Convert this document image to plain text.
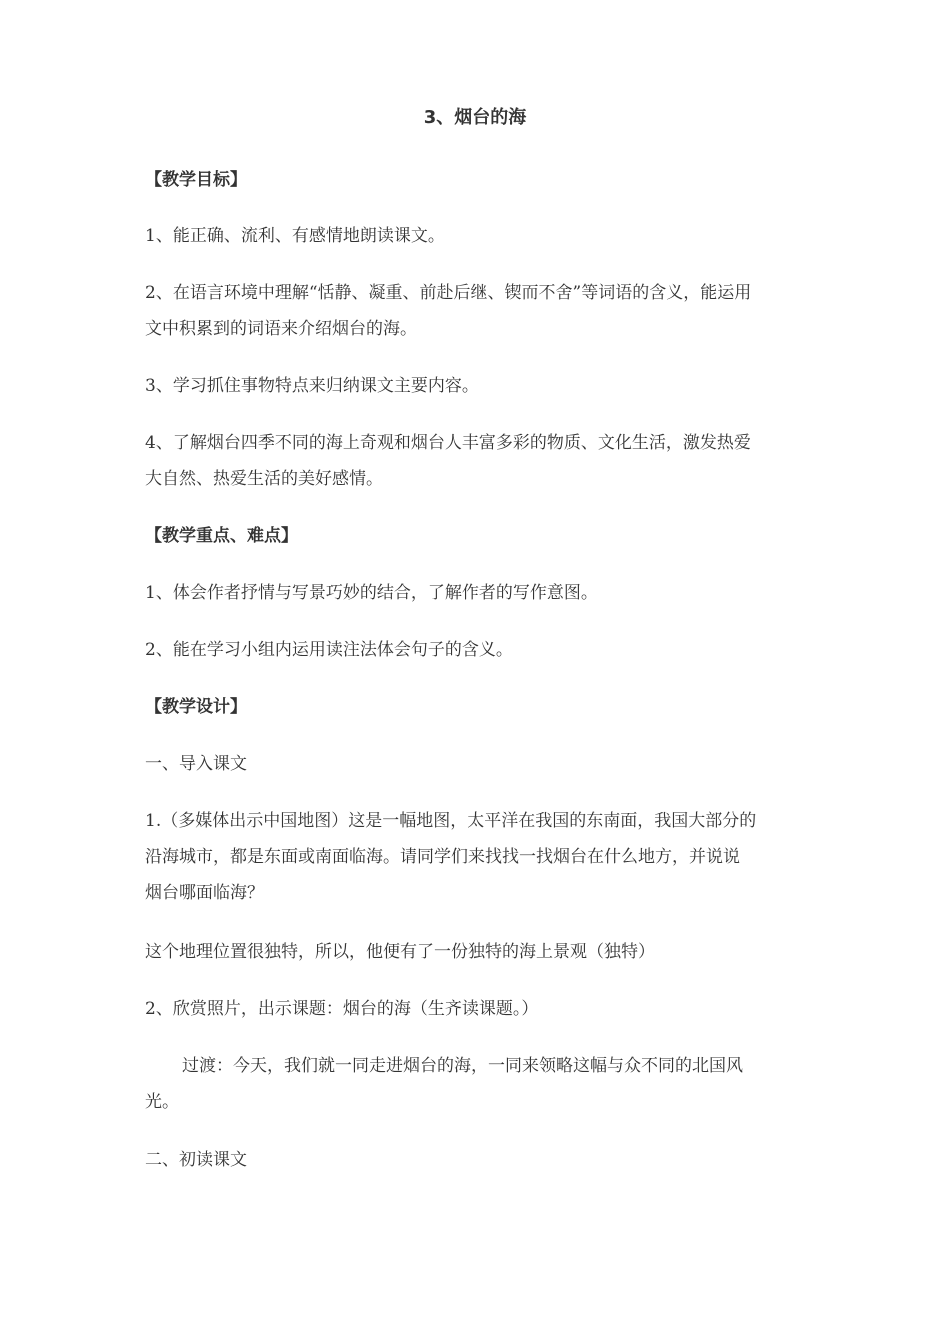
3、烟台的海
【教学目标】
1、能正确、流利、有感情地朗读课文。
2、在语言环境中理解“恬静、凝重、前赴后继、锲而不舍”等词语的含义，能运用
文中积累到的词语来介绍烟台的海。
3、学习抓住事物特点来归纳课文主要内容。
4、了解烟台四季不同的海上奇观和烟台人丰富多彩的物质、文化生活，激发热爱
大自然、热爱生活的美好感情。
【教学重点、难点】
1、体会作者抒情与写景巧妙的结合，了解作者的写作意图。
2、能在学习小组内运用读注法体会句子的含义。
【教学设计】
一、导入课文
1.（多媒体出示中国地图）这是一幅地图，太平洋在我国的东南面，我国大部分的
沿海城市，都是东面或南面临海。请同学们来找找一找烟台在什么地方，并说说
烟台哪面临海？
这个地理位置很独特，所以，他便有了一份独特的海上景观（独特）
2、欣赏照片，出示课题：烟台的海（生齐读课题。）
过渡：今天，我们就一同走进烟台的海，一同来领略这幅与众不同的北国风
光。
二、初读课文
